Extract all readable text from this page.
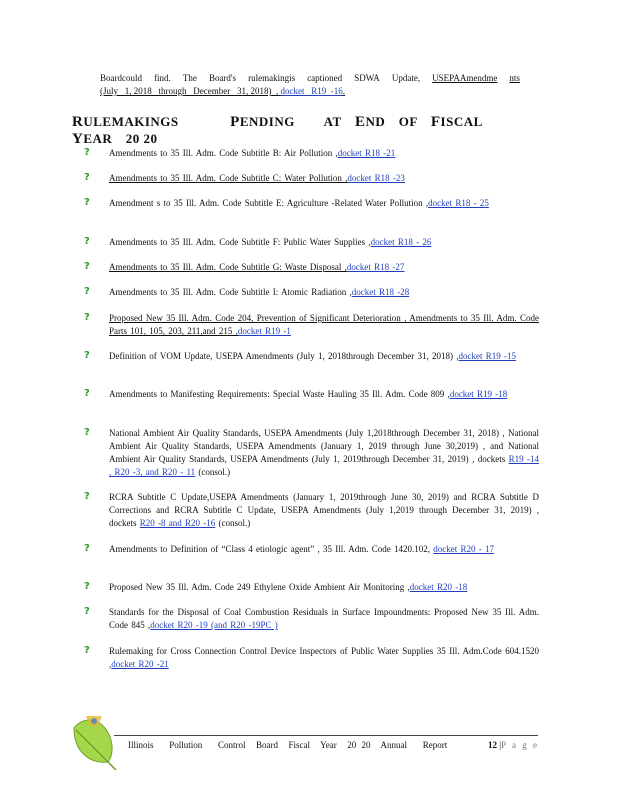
Boardcould find. The Board's rulemakingis captioned SDWA Update, USEPAAmendme nts
(July   1, 2018   through   December   31, 2018)  , docket   R19  -16.
RULEMAKINGS	PENDING AT END OF FISCAL  YEAR 20 20
?	Amendments to 35 Ill. Adm. Code Subtitle B: Air Pollution ,docket R18 -21
?	Amendments to 35 Ill. Adm. Code Subtitle C: Water Pollution ,docket R18 -23
?	Amendment s to 35 Ill. Adm. Code Subtitle E: Agriculture -Related Water Pollution ,docket R18 - 25
?	Amendments to 35 Ill. Adm. Code Subtitle F: Public Water Supplies ,docket R18 - 26
?	Amendments to 35 Ill. Adm. Code Subtitle G: Waste Disposal ,docket R18 -27
?	Amendments to 35 Ill. Adm. Code Subtitle I: Atomic Radiation ,docket R18 -28
?	Proposed New 35 Ill. Adm. Code 204, Prevention of Significant Deterioration , Amendments to 35 Ill. Adm. Code Parts 101, 105, 203, 211,and 215 ,docket R19 -1
?	Definition of VOM Update, USEPA Amendments (July 1, 2018through December 31, 2018) ,docket R19 -15
?	Amendments to Manifesting Requirements: Special Waste Hauling 35 Ill. Adm. Code 809 ,docket R19 -18
?	National Ambient Air Quality Standards, USEPA Amendments (July 1,2018through December 31, 2018) , National Ambient Air Quality Standards, USEPA Amendments (January 1, 2019 through June 30,2019) , and National Ambient Air Quality Standards, USEPA Amendments (July 1, 2019through December 31, 2019) , dockets R19 -14 , R20 -3, and R20 - 11 (consol.)
?	RCRA Subtitle C Update,USEPA Amendments (January 1, 2019through June 30, 2019) and RCRA Subtitle D Corrections and RCRA Subtitle C Update, USEPA Amendments (July 1,2019 through December 31, 2019) , dockets R20 -8 and R20 -16 (consol.)
?	Amendments to Definition of “Class 4 etiologic agent” , 35 Ill. Adm. Code 1420.102, docket R20 - 17
?	Proposed New 35 Ill. Adm. Code 249 Ethylene Oxide Ambient Air Monitoring ,docket R20 -18
?	Standards for the Disposal of Coal Combustion Residuals in Surface Impoundments: Proposed New 35 Ill. Adm. Code 845 ,docket R20 -19 (and R20 -19PC )
?	Rulemaking for Cross Connection Control Device Inspectors of Public Water Supplies 35 Ill. Adm.Code 604.1520 ,docket R20 -21
Illinois   Pollution   Control  Board  Fiscal  Year  20 20  Annual   Report	12 |P a g e
